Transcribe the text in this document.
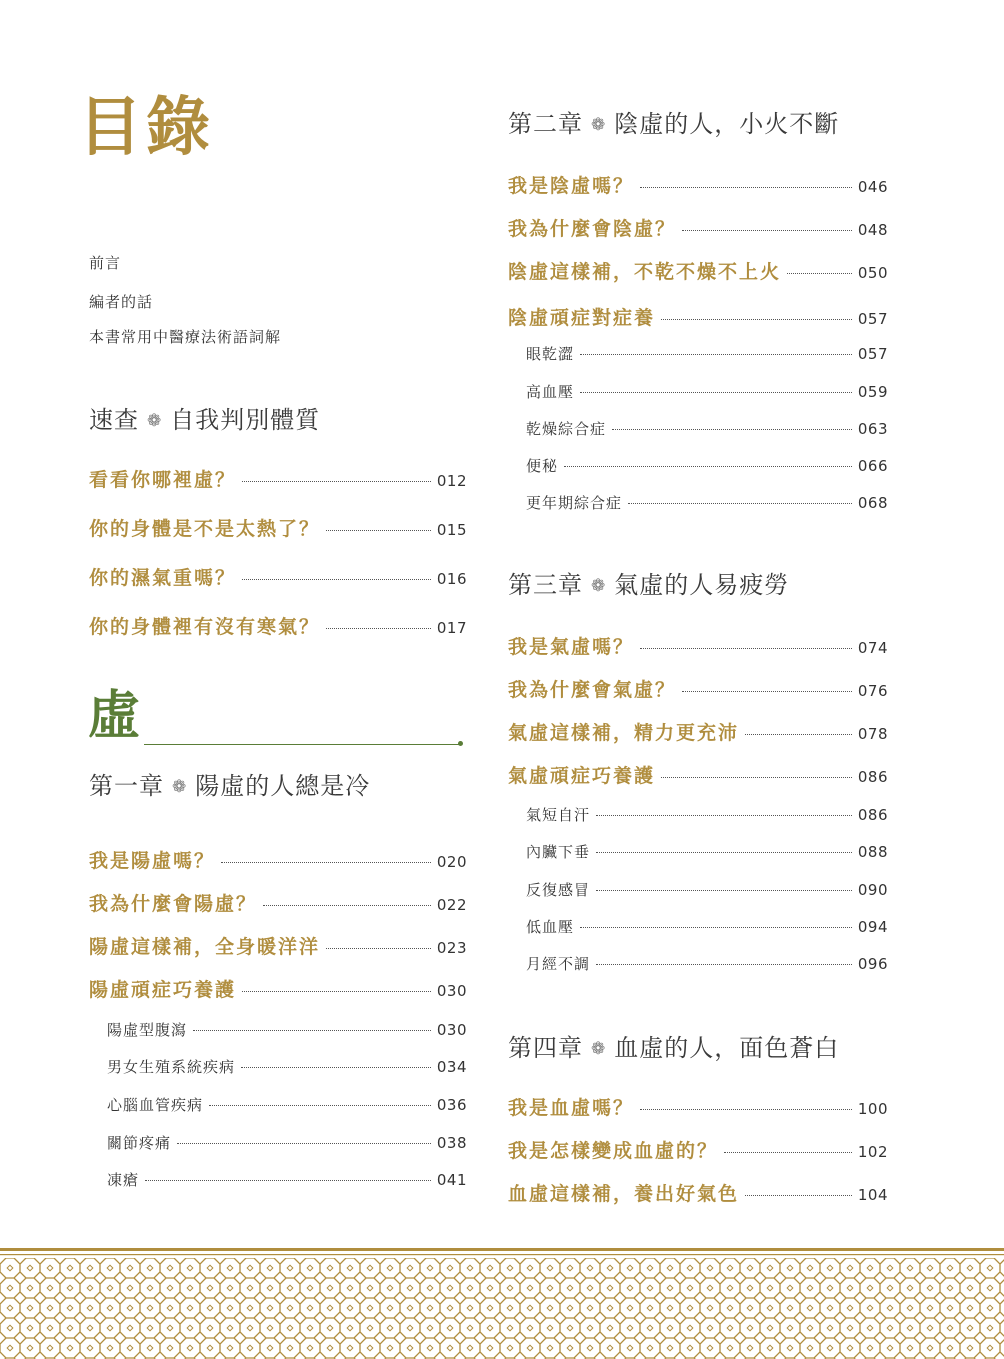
目錄
前言
編者的話
本書常用中醫療法術語詞解
速查 ❁ 自我判別體質
看看你哪裡虛？	012
你的身體是不是太熱了？	015
你的濕氣重嗎？	016
你的身體裡有沒有寒氣？	017
虛
第一章 ❁ 陽虛的人總是冷
我是陽虛嗎？	020
我為什麼會陽虛？	022
陽虛這樣補，全身暖洋洋	023
陽虛頑症巧養護	030
陽虛型腹瀉	030
男女生殖系統疾病	034
心腦血管疾病	036
關節疼痛	038
凍瘡	041
第二章 ❁ 陰虛的人，小火不斷
我是陰虛嗎？	046
我為什麼會陰虛？	048
陰虛這樣補，不乾不燥不上火	050
陰虛頑症對症養	057
眼乾澀	057
高血壓	059
乾燥綜合症	063
便秘	066
更年期綜合症	068
第三章 ❁ 氣虛的人易疲勞
我是氣虛嗎？	074
我為什麼會氣虛？	076
氣虛這樣補，精力更充沛	078
氣虛頑症巧養護	086
氣短自汗	086
內臟下垂	088
反復感冒	090
低血壓	094
月經不調	096
第四章 ❁ 血虛的人，面色蒼白
我是血虛嗎？	100
我是怎樣變成血虛的？	102
血虛這樣補，養出好氣色	104
